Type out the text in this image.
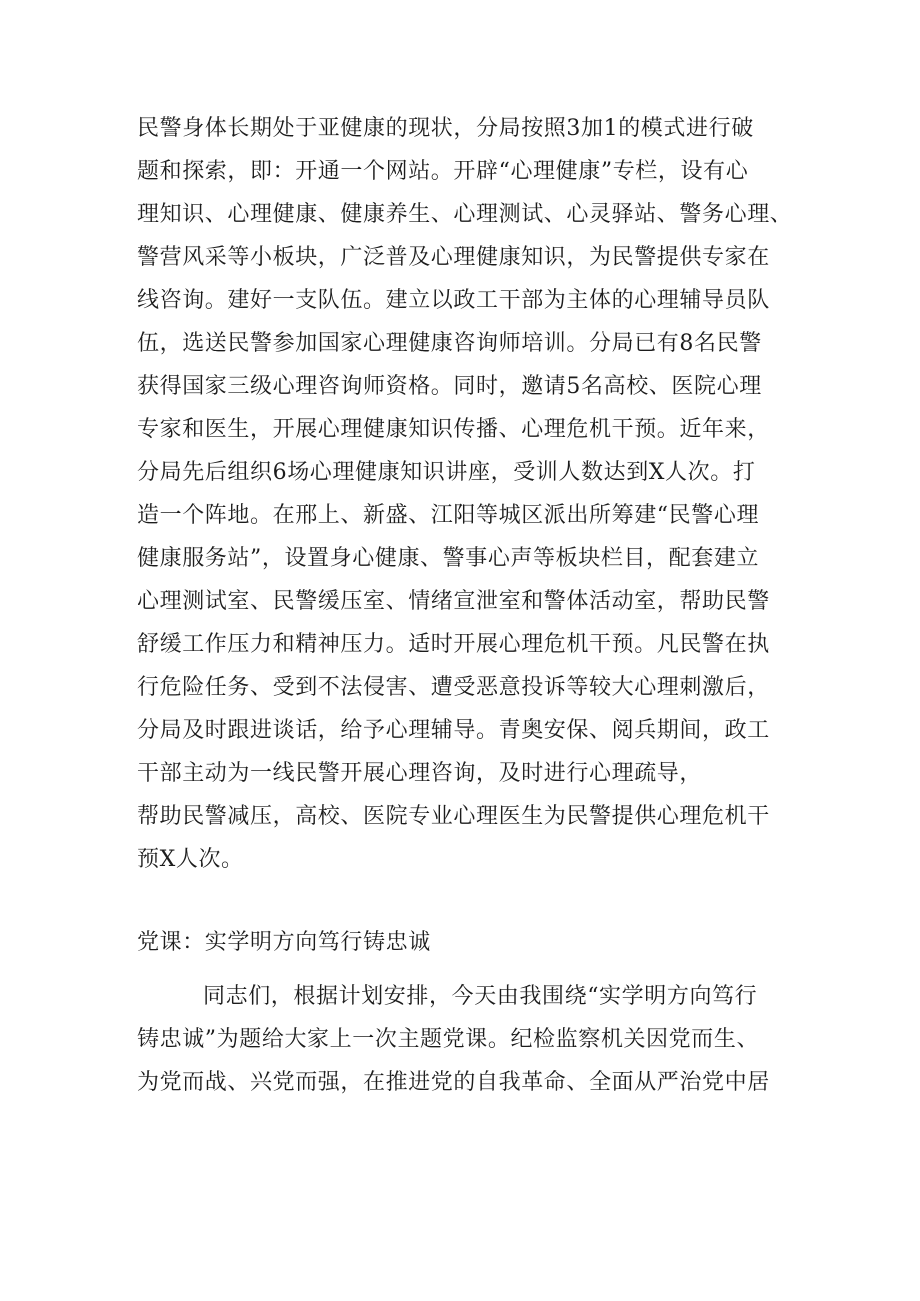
民警身体长期处于亚健康的现状，分局按照3加1的模式进行破

题和探索，即：开通一个网站。开辟“心理健康”专栏，设有心

理知识、心理健康、健康养生、心理测试、心灵驿站、警务心理、

警营风采等小板块，广泛普及心理健康知识，为民警提供专家在

线咨询。建好一支队伍。建立以政工干部为主体的心理辅导员队

伍，选送民警参加国家心理健康咨询师培训。分局已有8名民警

获得国家三级心理咨询师资格。同时，邀请5名高校、医院心理

专家和医生，开展心理健康知识传播、心理危机干预。近年来，

分局先后组织6场心理健康知识讲座，受训人数达到X人次。打

造一个阵地。在邢上、新盛、江阳等城区派出所筹建“民警心理

健康服务站”，设置身心健康、警事心声等板块栏目，配套建立

心理测试室、民警缓压室、情绪宣泄室和警体活动室，帮助民警

舒缓工作压力和精神压力。适时开展心理危机干预。凡民警在执

行危险任务、受到不法侵害、遭受恶意投诉等较大心理刺激后，

分局及时跟进谈话，给予心理辅导。青奥安保、阅兵期间，政工

干部主动为一线民警开展心理咨询，及时进行心理疏导，

帮助民警减压，高校、医院专业心理医生为民警提供心理危机干

预X人次。

党课：实学明方向笃行铸忠诚

同志们，根据计划安排，今天由我围绕“实学明方向笃行

铸忠诚”为题给大家上一次主题党课。纪检监察机关因党而生、

为党而战、兴党而强，在推进党的自我革命、全面从严治党中居
